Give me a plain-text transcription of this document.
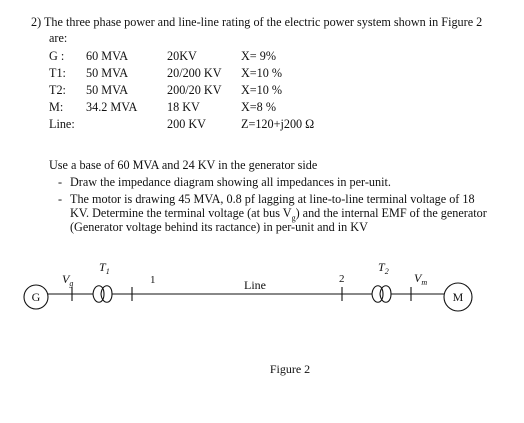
2) The three phase power and line-line rating of the electric power system shown in Figure 2
are:
G : 60 MVA	20KV	X= 9%
T1: 50 MVA	20/200 KV X=10 %
T2: 50 MVA	200/20 KV X=10 %
M: 34.2 MVA 18 KV	X=8 %
Line:	200 KV	Z=120+j200 Ω
Use a base of 60 MVA and 24 KV in the generator side
- Draw the impedance diagram showing all impedances in per-unit.
- The motor is drawing 45 MVA, 0.8 pf lagging at line-to-line terminal voltage of 18
KV. Determine the terminal voltage (at bus $V_g$) and the internal EMF of the generator
(Generator voltage behind its ractance) in per-unit and in KV
G
$V_g$
$T_1$
1	Line	2
$T_2$ $V_m$
M
Figure 2
